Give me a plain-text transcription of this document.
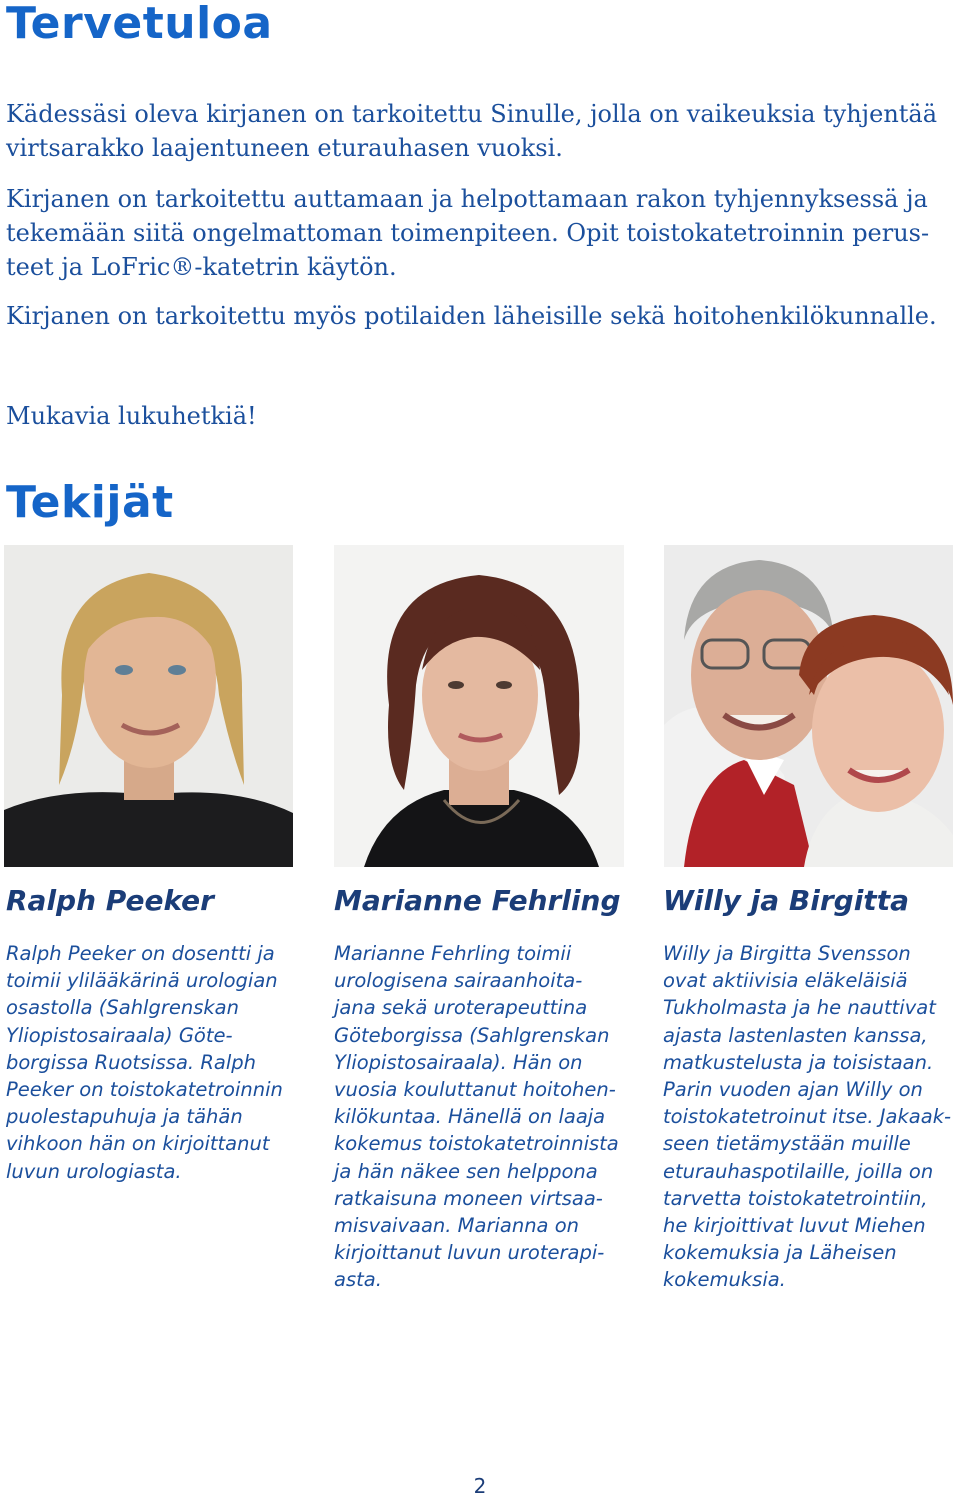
Tervetuloa

Kädessäsi oleva kirjanen on tarkoitettu Sinulle, jolla on vaikeuksia tyhjentää
virtsarakko laajentuneen eturauhasen vuoksi.

Kirjanen on tarkoitettu auttamaan ja helpottamaan rakon tyhjennyksessä ja
tekemään siitä ongelmattoman toimenpiteen. Opit toistokatetroinnin perus-
teet ja LoFric®-katetrin käytön.

Kirjanen on tarkoitettu myös potilaiden läheisille sekä hoitohenkilökunnalle.

Mukavia lukuhetkiä!

Tekijät
Ralph Peeker	Marianne Fehrling Willy ja Birgitta

Ralph Peeker on dosentti ja
toimii ylilääkärinä urologian
osastolla (Sahlgrenskan
Yliopistosairaala) Göte-
borgissa Ruotsissa. Ralph
Peeker on toistokatetroinnin
puolestapuhuja ja tähän
vihkoon hän on kirjoittanut
luvun urologiasta.

Marianne Fehrling toimii
urologisena sairaanhoita-
jana sekä uroterapeuttina
Göteborgissa (Sahlgrenskan
Yliopistosairaala). Hän on
vuosia kouluttanut hoitohen-
kilökuntaa. Hänellä on laaja
kokemus toistokatetroinnista
ja hän näkee sen helppona
ratkaisuna moneen virtsaa-
misvaivaan. Marianna on
kirjoittanut luvun uroterapi-
asta.

Willy ja Birgitta Svensson
ovat aktiivisia eläkeläisiä
Tukholmasta ja he nauttivat
ajasta lastenlasten kanssa,
matkustelusta ja toisistaan.
Parin vuoden ajan Willy on
toistokatetroinut itse. Jakaak-
seen tietämystään muille
eturauhaspotilaille, joilla on
tarvetta toistokatetrointiin,
he kirjoittivat luvut Miehen
kokemuksia ja Läheisen
kokemuksia.

2
